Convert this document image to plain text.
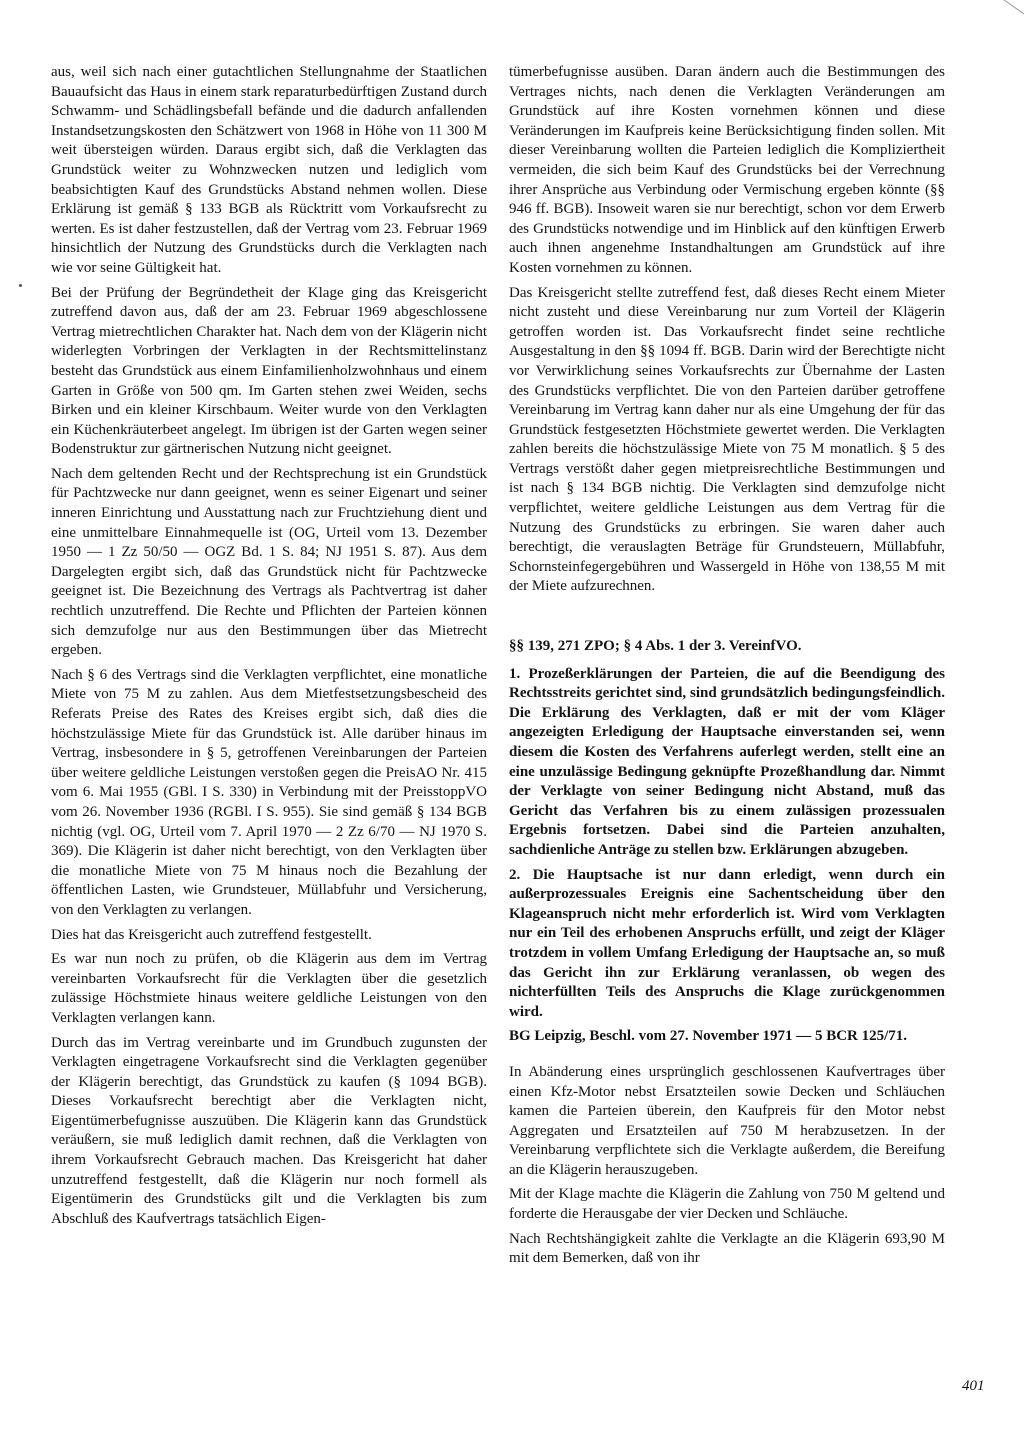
aus, weil sich nach einer gutachtlichen Stellungnahme der Staatlichen Bauaufsicht das Haus in einem stark reparaturbedürftigen Zustand durch Schwamm- und Schädlingsbefall befände und die dadurch anfallenden Instandsetzungskosten den Schätzwert von 1968 in Höhe von 11 300 M weit übersteigen würden. Daraus ergibt sich, daß die Verklagten das Grundstück weiter zu Wohnzwecken nutzen und lediglich vom beabsichtigten Kauf des Grundstücks Abstand nehmen wollen. Diese Erklärung ist gemäß § 133 BGB als Rücktritt vom Vorkaufsrecht zu werten. Es ist daher festzustellen, daß der Vertrag vom 23. Februar 1969 hinsichtlich der Nutzung des Grundstücks durch die Verklagten nach wie vor seine Gültigkeit hat.

Bei der Prüfung der Begründetheit der Klage ging das Kreisgericht zutreffend davon aus, daß der am 23. Februar 1969 abgeschlossene Vertrag mietrechtlichen Charakter hat. Nach dem von der Klägerin nicht widerlegten Vorbringen der Verklagten in der Rechtsmittelinstanz besteht das Grundstück aus einem Einfamilienholzwohnhaus und einem Garten in Größe von 500 qm. Im Garten stehen zwei Weiden, sechs Birken und ein kleiner Kirschbaum. Weiter wurde von den Verklagten ein Küchenkräuterbeet angelegt. Im übrigen ist der Garten wegen seiner Bodenstruktur zur gärtnerischen Nutzung nicht geeignet.

Nach dem geltenden Recht und der Rechtsprechung ist ein Grundstück für Pachtzwecke nur dann geeignet, wenn es seiner Eigenart und seiner inneren Einrichtung und Ausstattung nach zur Fruchtziehung dient und eine unmittelbare Einnahmequelle ist (OG, Urteil vom 13. Dezember 1950 — 1 Zz 50/50 — OGZ Bd. 1 S. 84; NJ 1951 S. 87). Aus dem Dargelegten ergibt sich, daß das Grundstück nicht für Pachtzwecke geeignet ist. Die Bezeichnung des Vertrags als Pachtvertrag ist daher rechtlich unzutreffend. Die Rechte und Pflichten der Parteien können sich demzufolge nur aus den Bestimmungen über das Mietrecht ergeben.

Nach § 6 des Vertrags sind die Verklagten verpflichtet, eine monatliche Miete von 75 M zu zahlen. Aus dem Mietfestsetzungsbescheid des Referats Preise des Rates des Kreises ergibt sich, daß dies die höchstzulässige Miete für das Grundstück ist. Alle darüber hinaus im Vertrag, insbesondere in § 5, getroffenen Vereinbarungen der Parteien über weitere geldliche Leistungen verstoßen gegen die PreisAO Nr. 415 vom 6. Mai 1955 (GBl. I S. 330) in Verbindung mit der PreisstoppVO vom 26. November 1936 (RGBl. I S. 955). Sie sind gemäß § 134 BGB nichtig (vgl. OG, Urteil vom 7. April 1970 — 2 Zz 6/70 — NJ 1970 S. 369). Die Klägerin ist daher nicht berechtigt, von den Verklagten über die monatliche Miete von 75 M hinaus noch die Bezahlung der öffentlichen Lasten, wie Grundsteuer, Müllabfuhr und Versicherung, von den Verklagten zu verlangen.

Dies hat das Kreisgericht auch zutreffend festgestellt.

Es war nun noch zu prüfen, ob die Klägerin aus dem im Vertrag vereinbarten Vorkaufsrecht für die Verklagten über die gesetzlich zulässige Höchstmiete hinaus weitere geldliche Leistungen von den Verklagten verlangen kann.

Durch das im Vertrag vereinbarte und im Grundbuch zugunsten der Verklagten eingetragene Vorkaufsrecht sind die Verklagten gegenüber der Klägerin berechtigt, das Grundstück zu kaufen (§ 1094 BGB). Dieses Vorkaufsrecht berechtigt aber die Verklagten nicht, Eigentümerbefugnisse auszuüben. Die Klägerin kann das Grundstück veräußern, sie muß lediglich damit rechnen, daß die Verklagten von ihrem Vorkaufsrecht Gebrauch machen. Das Kreisgericht hat daher unzutreffend festgestellt, daß die Klägerin nur noch formell als Eigentümerin des Grundstücks gilt und die Verklagten bis zum Abschluß des Kaufvertrags tatsächlich Eigen-

tümerbefugnisse ausüben. Daran ändern auch die Bestimmungen des Vertrages nichts, nach denen die Verklagten Veränderungen am Grundstück auf ihre Kosten vornehmen können und diese Veränderungen im Kaufpreis keine Berücksichtigung finden sollen. Mit dieser Vereinbarung wollten die Parteien lediglich die Kompliziertheit vermeiden, die sich beim Kauf des Grundstücks bei der Verrechnung ihrer Ansprüche aus Verbindung oder Vermischung ergeben könnte (§§ 946 ff. BGB). Insoweit waren sie nur berechtigt, schon vor dem Erwerb des Grundstücks notwendige und im Hinblick auf den künftigen Erwerb auch ihnen angenehme Instandhaltungen am Grundstück auf ihre Kosten vornehmen zu können.

Das Kreisgericht stellte zutreffend fest, daß dieses Recht einem Mieter nicht zusteht und diese Vereinbarung nur zum Vorteil der Klägerin getroffen worden ist. Das Vorkaufsrecht findet seine rechtliche Ausgestaltung in den §§ 1094 ff. BGB. Darin wird der Berechtigte nicht vor Verwirklichung seines Vorkaufsrechts zur Übernahme der Lasten des Grundstücks verpflichtet. Die von den Parteien darüber getroffene Vereinbarung im Vertrag kann daher nur als eine Umgehung der für das Grundstück festgesetzten Höchstmiete gewertet werden. Die Verklagten zahlen bereits die höchstzulässige Miete von 75 M monatlich. § 5 des Vertrags verstößt daher gegen mietpreisrechtliche Bestimmungen und ist nach § 134 BGB nichtig. Die Verklagten sind demzufolge nicht verpflichtet, weitere geldliche Leistungen aus dem Vertrag für die Nutzung des Grundstücks zu erbringen. Sie waren daher auch berechtigt, die verauslagten Beträge für Grundsteuern, Müllabfuhr, Schornsteinfegergebühren und Wassergeld in Höhe von 138,55 M mit der Miete aufzurechnen.

§§ 139, 271 ZPO; § 4 Abs. 1 der 3. VereinfVO.

1. Prozeßerklärungen der Parteien, die auf die Beendigung des Rechtsstreits gerichtet sind, sind grundsätzlich bedingungsfeindlich. Die Erklärung des Verklagten, daß er mit der vom Kläger angezeigten Erledigung der Hauptsache einverstanden sei, wenn diesem die Kosten des Verfahrens auferlegt werden, stellt eine an eine unzulässige Bedingung geknüpfte Prozeßhandlung dar. Nimmt der Verklagte von seiner Bedingung nicht Abstand, muß das Gericht das Verfahren bis zu einem zulässigen prozessualen Ergebnis fortsetzen. Dabei sind die Parteien anzuhalten, sachdienliche Anträge zu stellen bzw. Erklärungen abzugeben.

2. Die Hauptsache ist nur dann erledigt, wenn durch ein außerprozessuales Ereignis eine Sachentscheidung über den Klageanspruch nicht mehr erforderlich ist. Wird vom Verklagten nur ein Teil des erhobenen Anspruchs erfüllt, und zeigt der Kläger trotzdem in vollem Umfang Erledigung der Hauptsache an, so muß das Gericht ihn zur Erklärung veranlassen, ob wegen des nichterfüllten Teils des Anspruchs die Klage zurückgenommen wird.

BG Leipzig, Beschl. vom 27. November 1971 — 5 BCR 125/71.

In Abänderung eines ursprünglich geschlossenen Kaufvertrages über einen Kfz-Motor nebst Ersatzteilen sowie Decken und Schläuchen kamen die Parteien überein, den Kaufpreis für den Motor nebst Aggregaten und Ersatzteilen auf 750 M herabzusetzen. In der Vereinbarung verpflichtete sich die Verklagte außerdem, die Bereifung an die Klägerin herauszugeben.

Mit der Klage machte die Klägerin die Zahlung von 750 M geltend und forderte die Herausgabe der vier Decken und Schläuche.

Nach Rechtshängigkeit zahlte die Verklagte an die Klägerin 693,90 M mit dem Bemerken, daß von ihr

401
